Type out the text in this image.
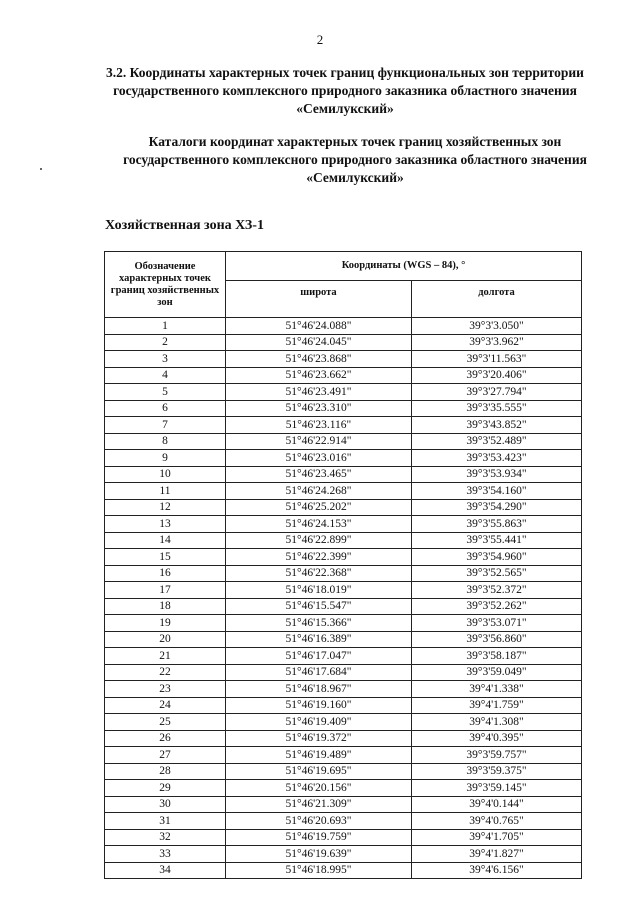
2
3.2. Координаты характерных точек границ функциональных зон территории государственного комплексного природного заказника областного значения «Семилукский»
Каталоги координат характерных точек границ хозяйственных зон государственного комплексного природного заказника областного значения «Семилукский»
Хозяйственная зона ХЗ-1
Обозначение характерных точек границ хозяйственных зон	Координаты (WGS – 84), °	
	широта	долгота
1	51°46'24.088"	39°3'3.050"
2	51°46'24.045"	39°3'3.962"
3	51°46'23.868"	39°3'11.563"
4	51°46'23.662"	39°3'20.406"
5	51°46'23.491"	39°3'27.794"
6	51°46'23.310"	39°3'35.555"
7	51°46'23.116"	39°3'43.852"
8	51°46'22.914"	39°3'52.489"
9	51°46'23.016"	39°3'53.423"
10	51°46'23.465"	39°3'53.934"
11	51°46'24.268"	39°3'54.160"
12	51°46'25.202"	39°3'54.290"
13	51°46'24.153"	39°3'55.863"
14	51°46'22.899"	39°3'55.441"
15	51°46'22.399"	39°3'54.960"
16	51°46'22.368"	39°3'52.565"
17	51°46'18.019"	39°3'52.372"
18	51°46'15.547"	39°3'52.262"
19	51°46'15.366"	39°3'53.071"
20	51°46'16.389"	39°3'56.860"
21	51°46'17.047"	39°3'58.187"
22	51°46'17.684"	39°3'59.049"
23	51°46'18.967"	39°4'1.338"
24	51°46'19.160"	39°4'1.759"
25	51°46'19.409"	39°4'1.308"
26	51°46'19.372"	39°4'0.395"
27	51°46'19.489"	39°3'59.757"
28	51°46'19.695"	39°3'59.375"
29	51°46'20.156"	39°3'59.145"
30	51°46'21.309"	39°4'0.144"
31	51°46'20.693"	39°4'0.765"
32	51°46'19.759"	39°4'1.705"
33	51°46'19.639"	39°4'1.827"
34	51°46'18.995"	39°4'6.156"
